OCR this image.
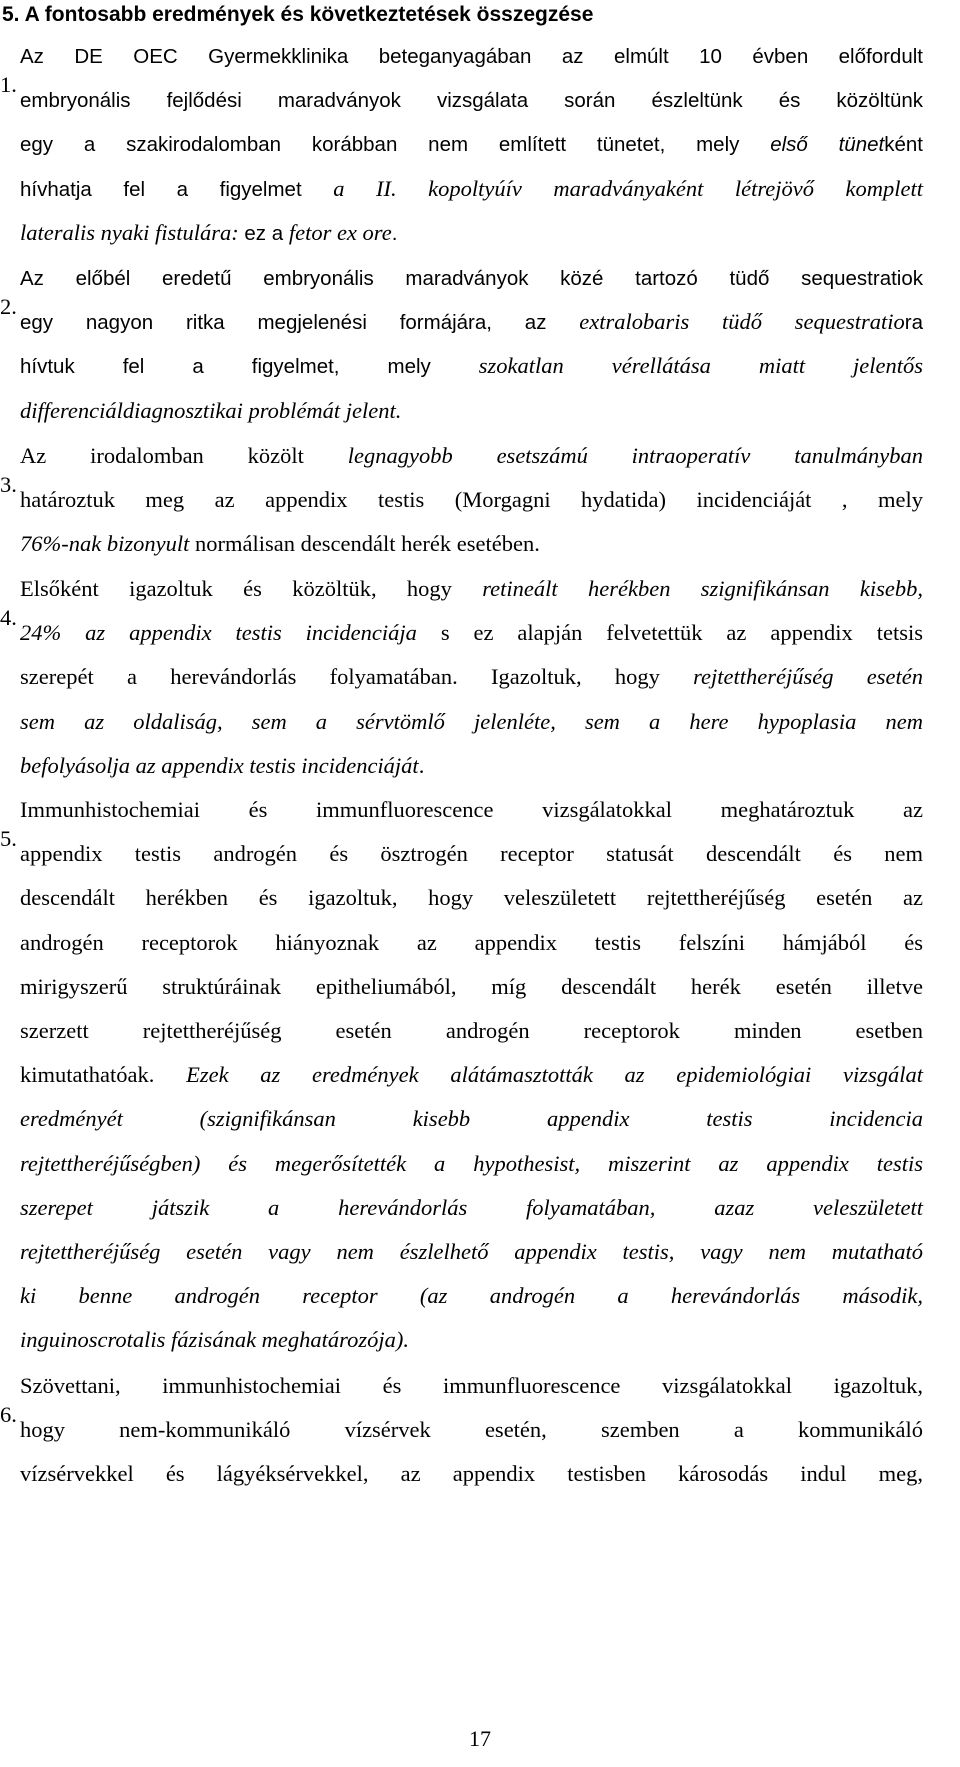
5. A fontosabb eredmények és következtetések összegzése
1.
Az DE OEC Gyermekklinika beteganyagában az elmúlt 10 évben előfordult
embryonális fejlődési maradványok vizsgálata során észleltünk és közöltünk
egy a szakirodalomban korábban nem említett tünetet, mely első tünetként
hívhatja fel a figyelmet a II. kopoltyúív maradványaként létrejövő komplett
lateralis nyaki fistulára: ez a fetor ex ore.
2.
Az előbél eredetű embryonális maradványok közé tartozó tüdő sequestratiok
egy nagyon ritka megjelenési formájára, az extralobaris tüdő sequestratiora
hívtuk fel a figyelmet, mely szokatlan vérellátása miatt jelentős
differenciáldiagnosztikai problémát jelent.
3.
Az irodalomban közölt legnagyobb esetszámú intraoperatív tanulmányban
határoztuk meg az appendix testis (Morgagni hydatida) incidenciáját , mely
76%-nak bizonyult normálisan descendált herék esetében.
4.
Elsőként igazoltuk és közöltük, hogy retineált herékben szignifikánsan kisebb,
24% az appendix testis incidenciája s ez alapján felvetettük az appendix tetsis
szerepét a herevándorlás folyamatában. Igazoltuk, hogy rejtettheréjűség esetén
sem az oldaliság, sem a sérvtömlő jelenléte, sem a here hypoplasia nem
befolyásolja az appendix testis incidenciáját.
5.
Immunhistochemiai és immunfluorescence vizsgálatokkal meghatároztuk az
appendix testis androgén és ösztrogén receptor statusát descendált és nem
descendált herékben és igazoltuk, hogy veleszületett rejtettheréjűség esetén az
androgén receptorok hiányoznak az appendix testis felszíni hámjából és
mirigyszerű struktúráinak epitheliumából, míg descendált herék esetén illetve
szerzett rejtettheréjűség esetén androgén receptorok minden esetben
kimutathatóak. Ezek az eredmények alátámasztották az epidemiológiai vizsgálat
eredményét (szignifikánsan kisebb appendix testis incidencia
rejtettheréjűségben) és megerősítették a hypothesist, miszerint az appendix testis
szerepet játszik a herevándorlás folyamatában, azaz veleszületett
rejtettheréjűség esetén vagy nem észlelhető appendix testis, vagy nem mutatható
ki benne androgén receptor (az androgén a herevándorlás második,
inguinoscrotalis fázisának meghatározója).
6.
Szövettani, immunhistochemiai és immunfluorescence vizsgálatokkal igazoltuk,
hogy nem-kommunikáló vízsérvek esetén, szemben a kommunikáló
vízsérvekkel és lágyéksérvekkel, az appendix testisben károsodás indul meg,
17
